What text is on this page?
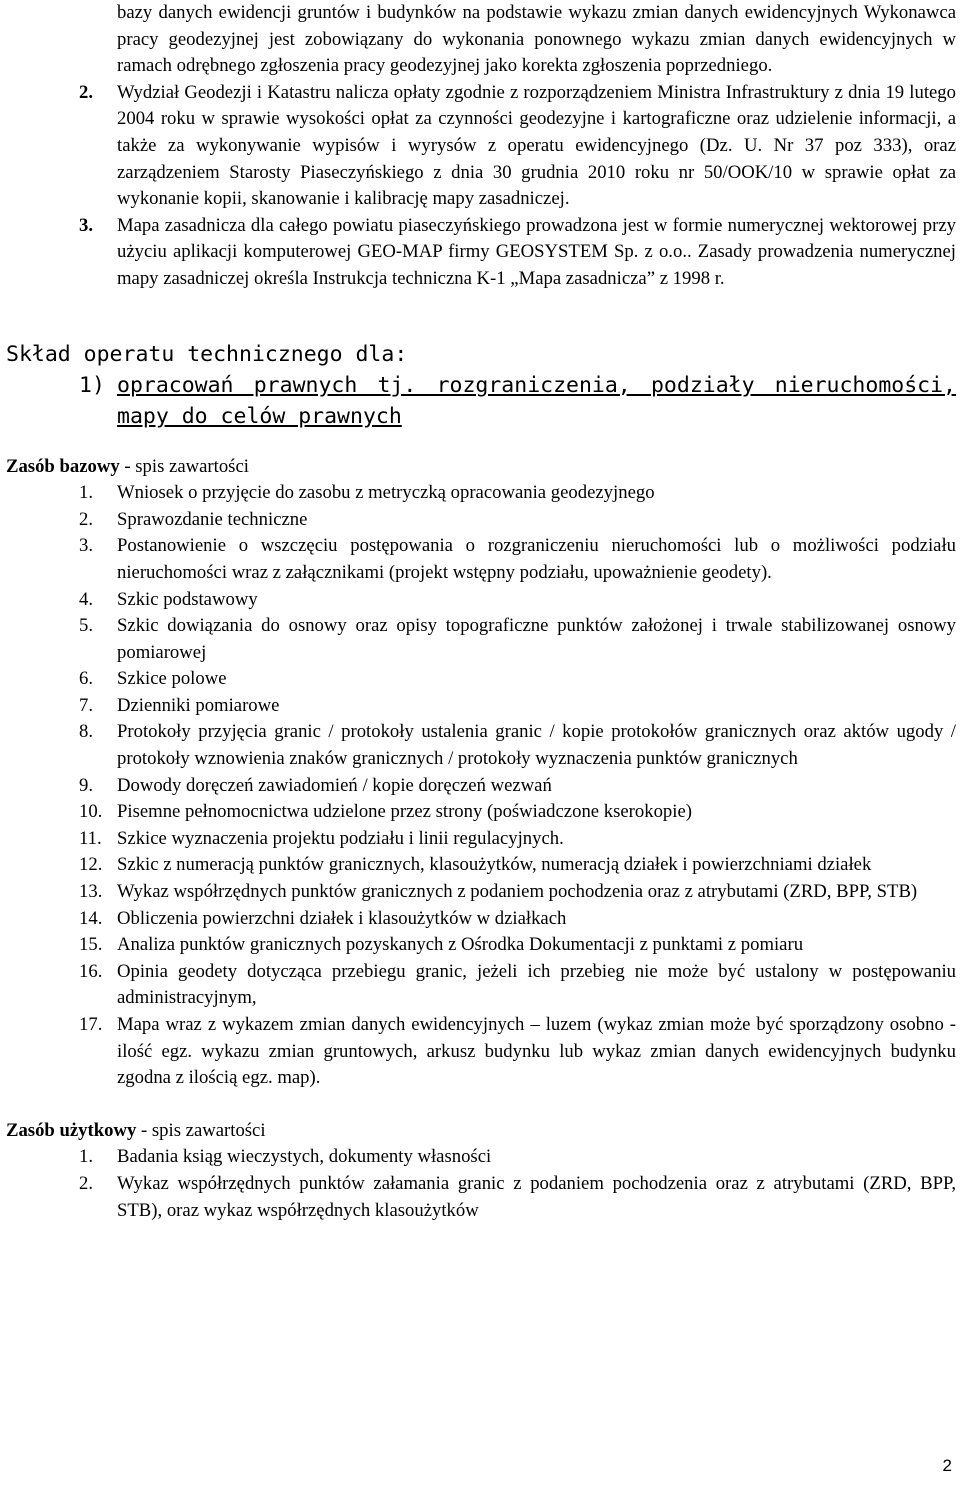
bazy danych ewidencji gruntów i budynków na podstawie wykazu zmian danych ewidencyjnych Wykonawca pracy geodezyjnej jest zobowiązany do wykonania ponownego wykazu zmian danych ewidencyjnych w ramach odrębnego zgłoszenia pracy geodezyjnej jako korekta zgłoszenia poprzedniego.

2.	Wydział Geodezji i Katastru nalicza opłaty zgodnie z rozporządzeniem Ministra Infrastruktury z dnia 19 lutego 2004 roku w sprawie wysokości opłat za czynności geodezyjne i kartograficzne oraz udzielenie informacji, a także za wykonywanie wypisów i wyrysów z operatu ewidencyjnego (Dz. U. Nr 37 poz 333), oraz zarządzeniem Starosty Piaseczyńskiego z dnia 30 grudnia 2010 roku nr 50/OOK/10 w sprawie opłat za wykonanie kopii, skanowanie i kalibrację mapy zasadniczej.
3.	Mapa zasadnicza dla całego powiatu piaseczyńskiego prowadzona jest w formie numerycznej wektorowej przy użyciu aplikacji komputerowej GEO-MAP firmy GEOSYSTEM Sp. z o.o.. Zasady prowadzenia numerycznej mapy zasadniczej określa Instrukcja techniczna K-1 „Mapa zasadnicza” z 1998 r.
Skład operatu technicznego dla:
1) opracowań prawnych tj. rozgraniczenia, podziały nieruchomości, mapy do celów prawnych
Zasób bazowy - spis zawartości
1.	Wniosek o przyjęcie do zasobu z metryczką opracowania geodezyjnego
2.	Sprawozdanie techniczne
3.	Postanowienie o wszczęciu postępowania o rozgraniczeniu nieruchomości lub o możliwości podziału nieruchomości wraz z załącznikami (projekt wstępny podziału, upoważnienie geodety).
4.	Szkic podstawowy
5.	Szkic dowiązania do osnowy oraz opisy topograficzne punktów założonej i trwale stabilizowanej osnowy pomiarowej
6.	Szkice polowe
7.	Dzienniki pomiarowe
8.	Protokoły przyjęcia granic / protokoły ustalenia granic / kopie protokołów granicznych oraz aktów ugody / protokoły wznowienia znaków granicznych / protokoły wyznaczenia punktów granicznych
9.	Dowody doręczeń zawiadomień / kopie doręczeń wezwań
10. Pisemne pełnomocnictwa udzielone przez strony (poświadczone kserokopie)
11. Szkice wyznaczenia projektu podziału i linii regulacyjnych.
12. Szkic z numeracją punktów granicznych, klasoużytków, numeracją działek i powierzchniami działek
13. Wykaz współrzędnych punktów granicznych z podaniem pochodzenia oraz z atrybutami (ZRD, BPP, STB)
14. Obliczenia powierzchni działek i klasoużytków w działkach
15. Analiza punktów granicznych pozyskanych z Ośrodka Dokumentacji z punktami z pomiaru
16. Opinia geodety dotycząca przebiegu granic, jeżeli ich przebieg nie może być ustalony w postępowaniu administracyjnym,
17. Mapa wraz z wykazem zmian danych ewidencyjnych – luzem (wykaz zmian może być sporządzony osobno - ilość egz. wykazu zmian gruntowych, arkusz budynku lub wykaz zmian danych ewidencyjnych budynku zgodna z ilością egz. map).
Zasób użytkowy - spis zawartości
1.	Badania ksiąg wieczystych, dokumenty własności
2.	Wykaz współrzędnych punktów załamania granic z podaniem pochodzenia oraz z atrybutami (ZRD, BPP, STB), oraz wykaz współrzędnych klasoużytków
2
